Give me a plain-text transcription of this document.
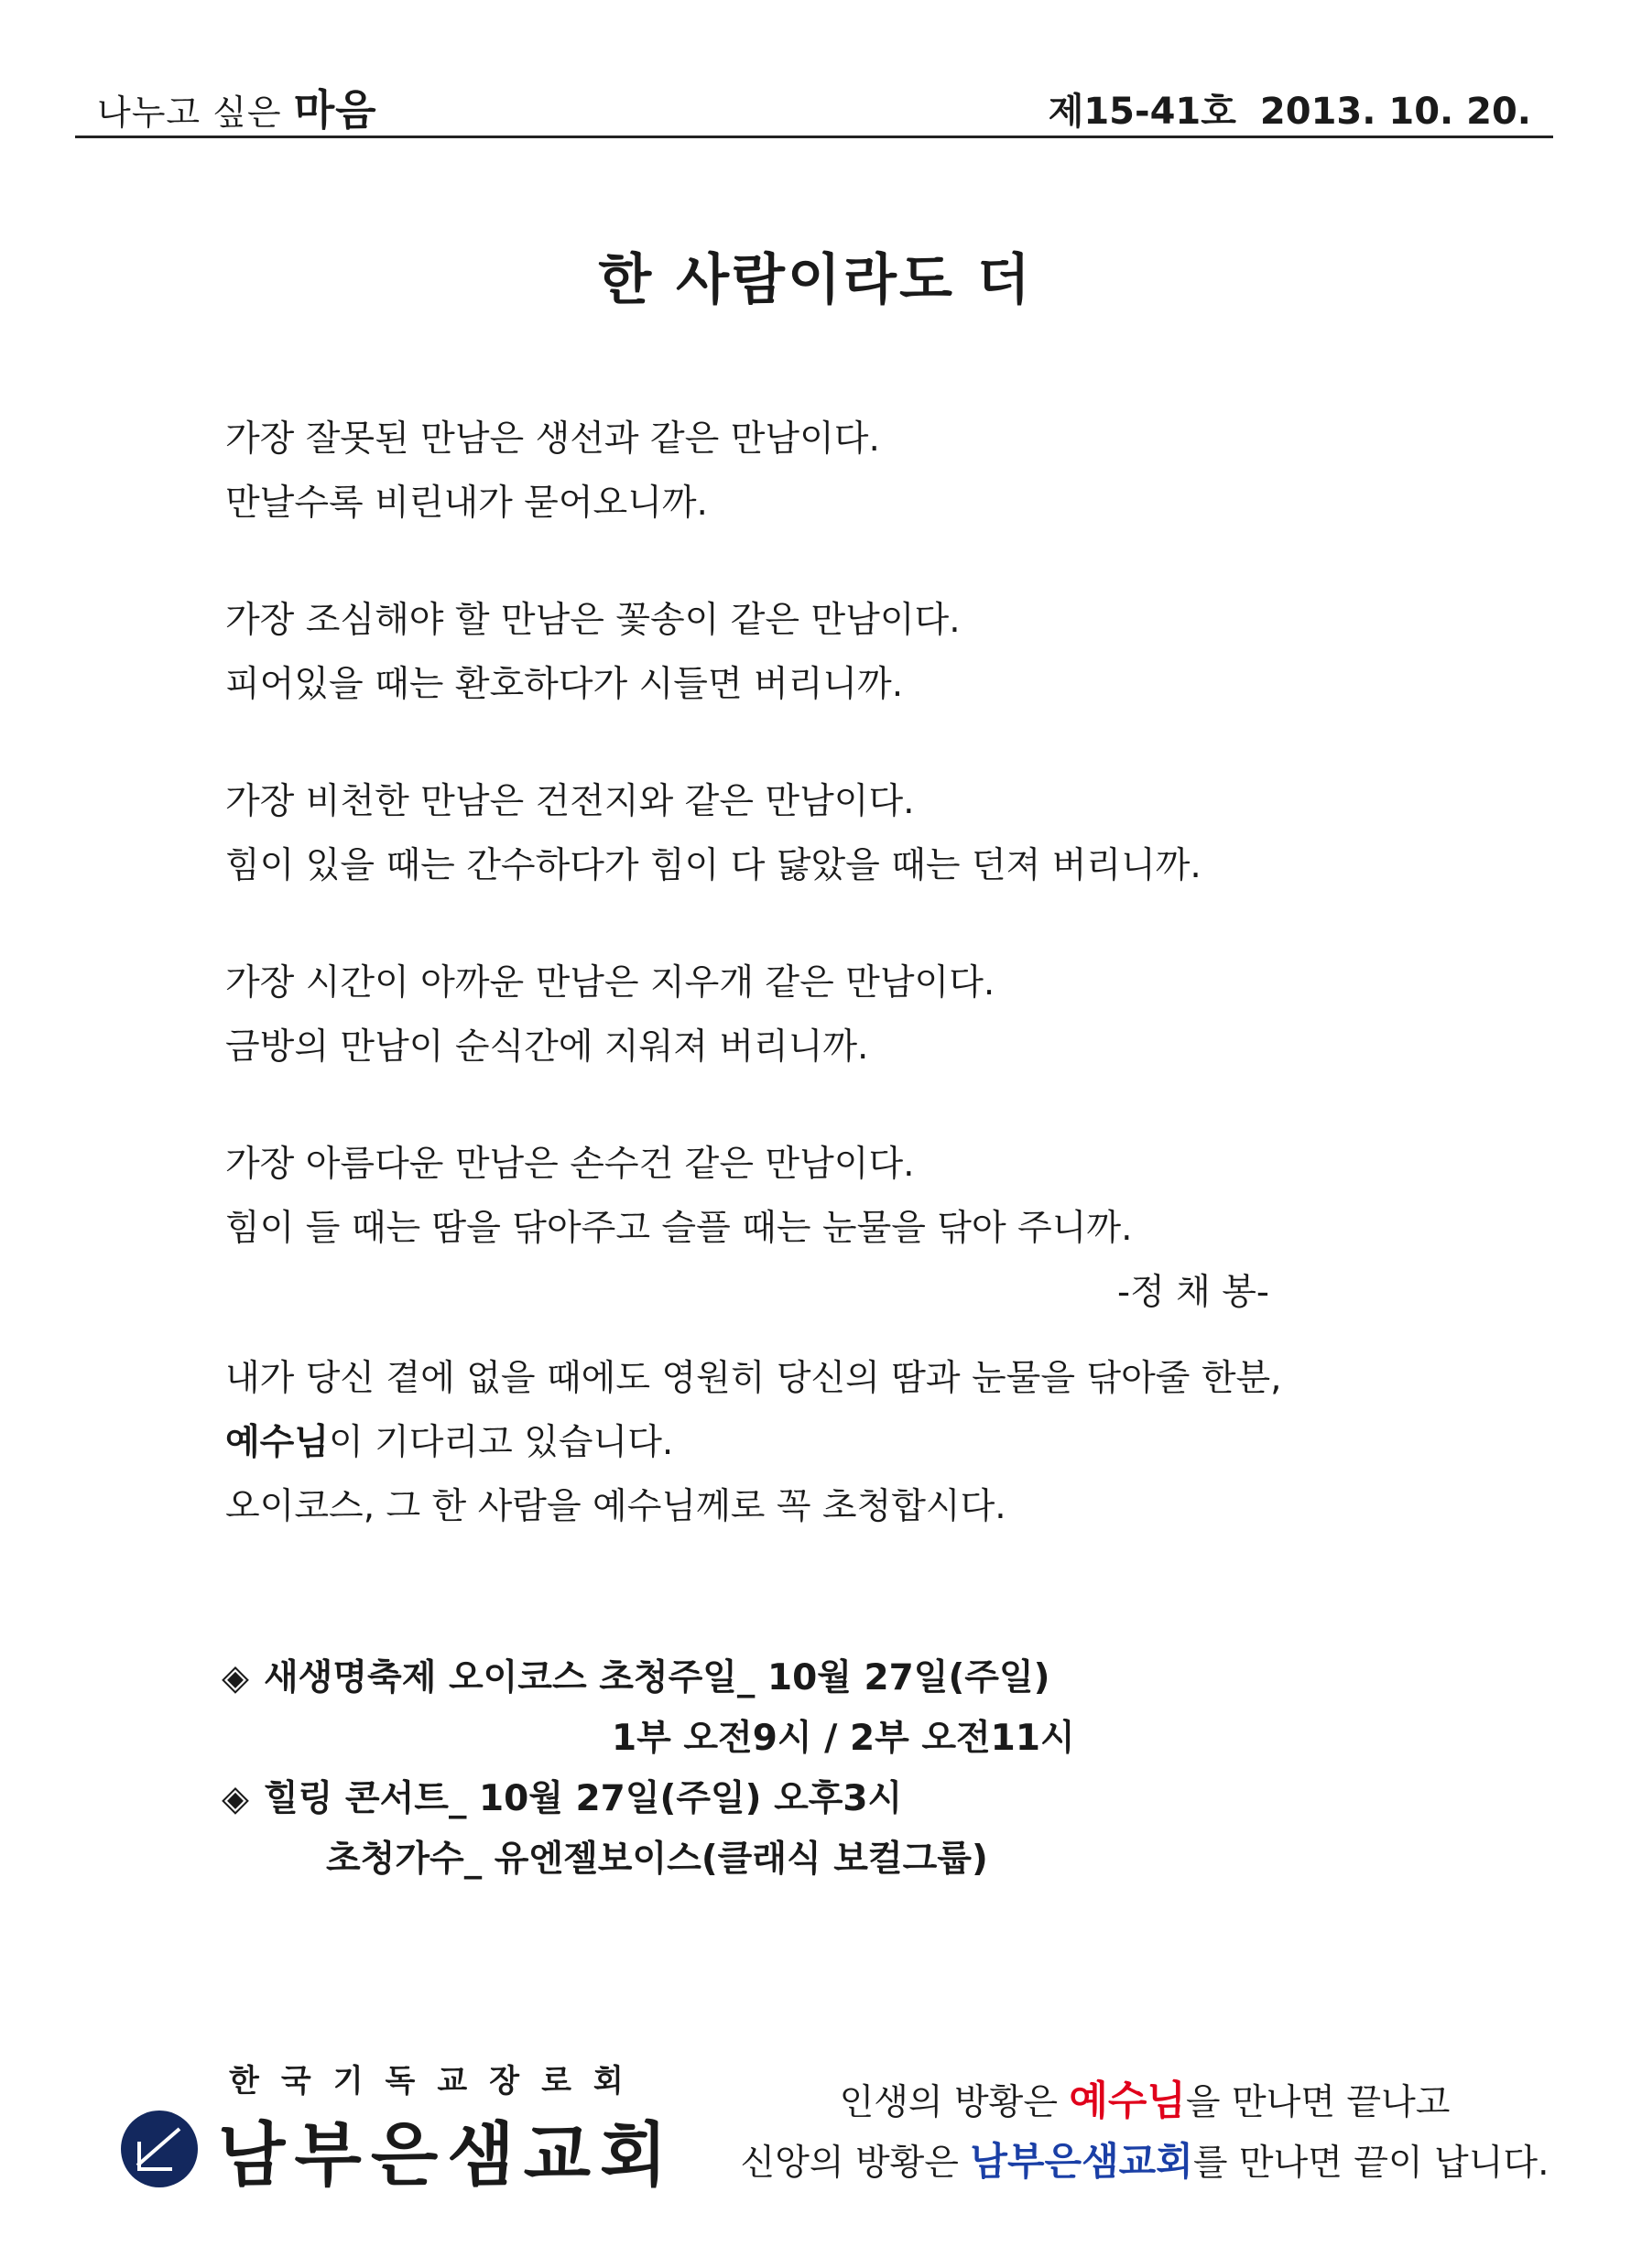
나누고 싶은 마음	제15-41호 2013. 10. 20.
한 사람이라도 더
가장 잘못된 만남은 생선과 같은 만남이다.
만날수록 비린내가 묻어오니까.
가장 조심해야 할 만남은 꽃송이 같은 만남이다.
피어있을 때는 환호하다가 시들면 버리니까.
가장 비천한 만남은 건전지와 같은 만남이다.
힘이 있을 때는 간수하다가 힘이 다 닳았을 때는 던져 버리니까.
가장 시간이 아까운 만남은 지우개 같은 만남이다.
금방의 만남이 순식간에 지워져 버리니까.
가장 아름다운 만남은 손수건 같은 만남이다.
힘이 들 때는 땀을 닦아주고 슬플 때는 눈물을 닦아 주니까.
-정 채 봉-
내가 당신 곁에 없을 때에도 영원히 당신의 땀과 눈물을 닦아줄 한분,
예수님이 기다리고 있습니다.
오이코스, 그 한 사람을 예수님께로 꼭 초청합시다.
◈ 새생명축제 오이코스 초청주일_ 10월 27일(주일)
1부 오전9시 / 2부 오전11시
◈ 힐링 콘서트_ 10월 27일(주일) 오후3시
초청가수_ 유엔젤보이스(클래식 보컬그룹)
한국기독교장로회
남부은샘교회
인생의 방황은 예수님을 만나면 끝나고
신앙의 방황은 남부은샘교회를 만나면 끝이 납니다.
